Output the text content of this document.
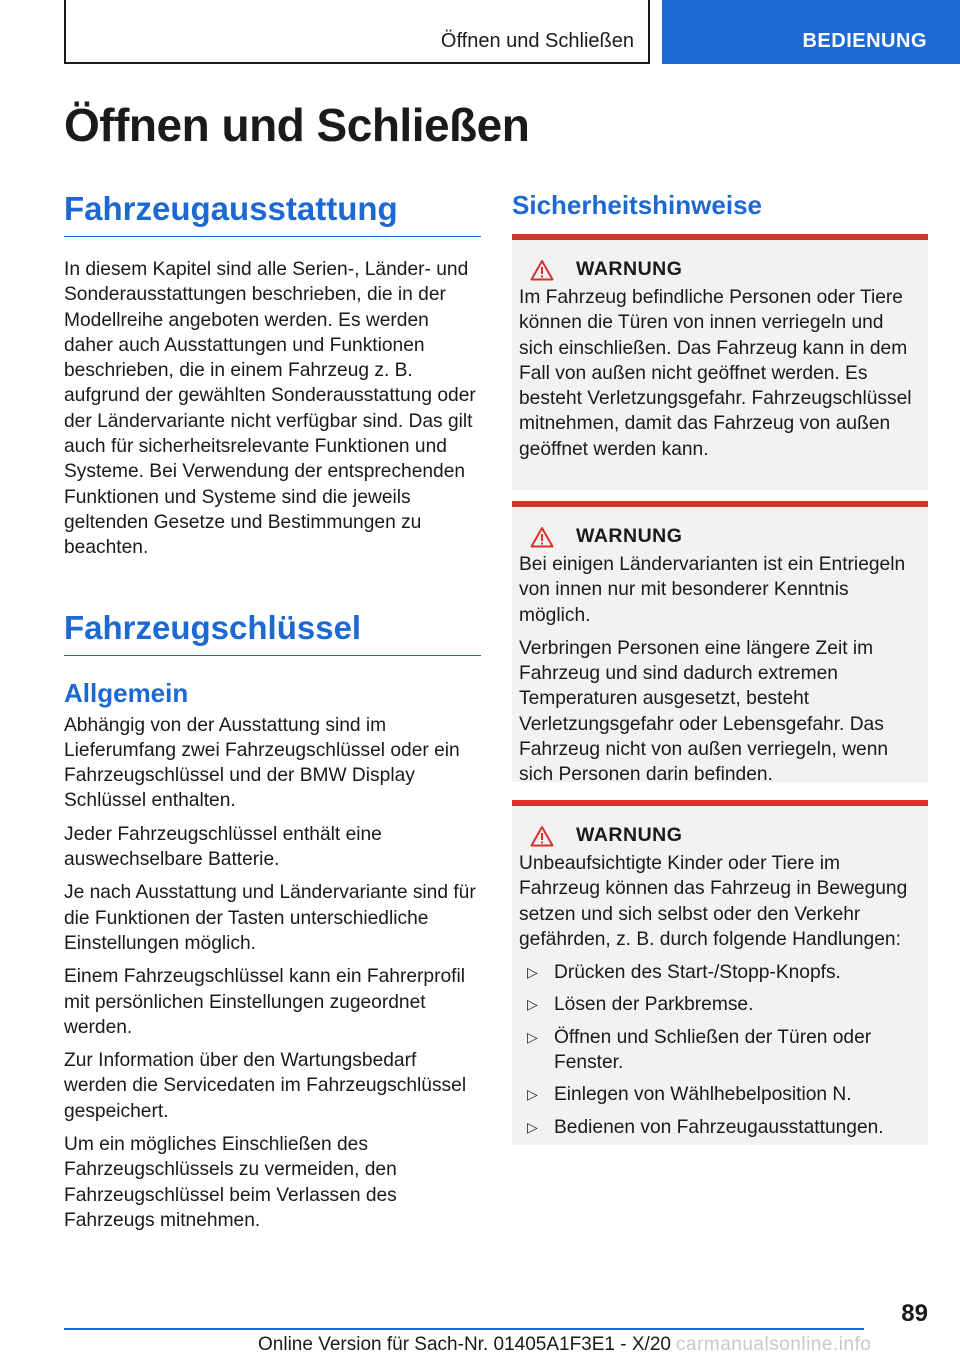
Öffnen und Schließen	BEDIENUNG
Öffnen und Schließen
Fahrzeugausstattung

In diesem Kapitel sind alle Serien-, Länder- und Sonderausstattungen beschrieben, die in der Modellreihe angeboten werden. Es werden daher auch Ausstattungen und Funktionen beschrieben, die in einem Fahrzeug z. B. aufgrund der gewählten Sonderausstattung oder der Ländervariante nicht verfügbar sind. Das gilt auch für sicherheitsrelevante Funktionen und Systeme. Bei Verwendung der entsprechenden Funktionen und Systeme sind die jeweils geltenden Gesetze und Bestimmungen zu beachten.

Fahrzeugschlüssel
Allgemein

Abhängig von der Ausstattung sind im Lieferumfang zwei Fahrzeugschlüssel oder ein Fahrzeugschlüssel und der BMW Display Schlüssel enthalten.

Jeder Fahrzeugschlüssel enthält eine auswechselbare Batterie.

Je nach Ausstattung und Ländervariante sind für die Funktionen der Tasten unterschiedliche Einstellungen möglich.

Einem Fahrzeugschlüssel kann ein Fahrerprofil mit persönlichen Einstellungen zugeordnet werden.

Zur Information über den Wartungsbedarf werden die Servicedaten im Fahrzeugschlüssel gespeichert.

Um ein mögliches Einschließen des Fahrzeugschlüssels zu vermeiden, den Fahrzeugschlüssel beim Verlassen des Fahrzeugs mitnehmen.

Sicherheitshinweise
WARNUNG

Im Fahrzeug befindliche Personen oder Tiere können die Türen von innen verriegeln und sich einschließen. Das Fahrzeug kann in dem Fall von außen nicht geöffnet werden. Es besteht Verletzungsgefahr. Fahrzeugschlüssel mitnehmen, damit das Fahrzeug von außen geöffnet werden kann.

WARNUNG

Bei einigen Ländervarianten ist ein Entriegeln von innen nur mit besonderer Kenntnis möglich.

Verbringen Personen eine längere Zeit im Fahrzeug und sind dadurch extremen Temperaturen ausgesetzt, besteht Verletzungsgefahr oder Lebensgefahr. Das Fahrzeug nicht von außen verriegeln, wenn sich Personen darin befinden.

WARNUNG

Unbeaufsichtigte Kinder oder Tiere im Fahrzeug können das Fahrzeug in Bewegung setzen und sich selbst oder den Verkehr gefährden, z. B. durch folgende Handlungen:

▷ Drücken des Start-/Stopp-Knopfs.
▷ Lösen der Parkbremse.
▷ Öffnen und Schließen der Türen oder Fenster.
▷ Einlegen von Wählhebelposition N.
▷ Bedienen von Fahrzeugausstattungen.
89
Online Version für Sach-Nr. 01405A1F3E1 - X/20 carmanualsonline.info
